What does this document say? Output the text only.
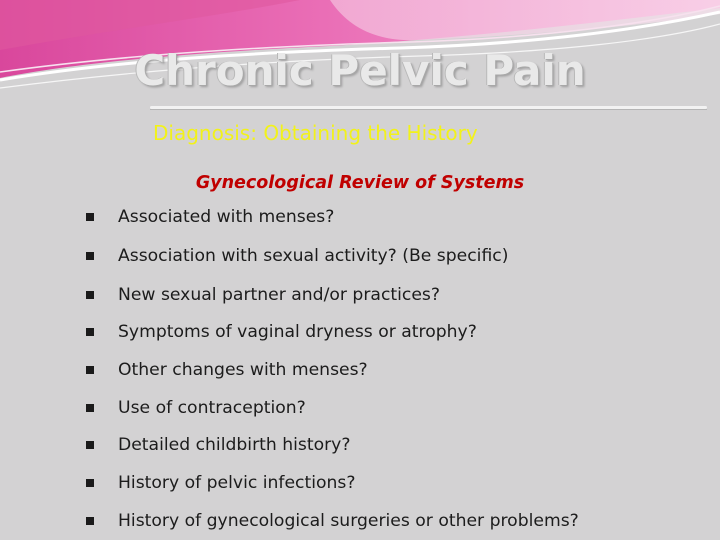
Chronic Pelvic Pain
Diagnosis: Obtaining the History
Gynecological Review of Systems
Associated with menses?
Association with sexual activity? (Be specific)
New sexual partner and/or practices?
Symptoms of vaginal dryness or atrophy?
Other changes with menses?
Use of contraception?
Detailed childbirth history?
History of pelvic infections?
History of gynecological surgeries or other problems?
